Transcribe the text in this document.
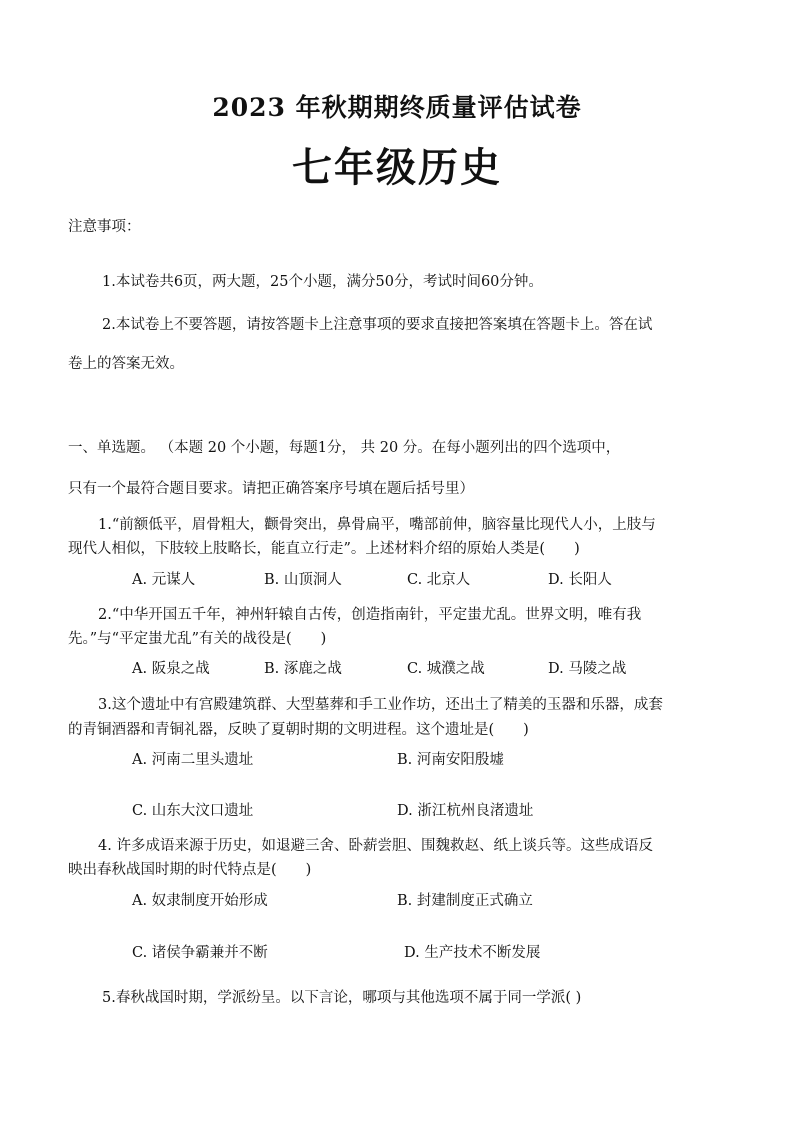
2023 年秋期期终质量评估试卷
七年级历史
注意事项：
1.本试卷共6页，两大题，25个小题，满分50分，考试时间60分钟。
2.本试卷上不要答题，请按答题卡上注意事项的要求直接把答案填在答题卡上。答在试
卷上的答案无效。
一、单选题。 （本题 20 个小题，每题1分， 共 20 分。在每小题列出的四个选项中，
只有一个最符合题目要求。请把正确答案序号填在题后括号里）
1.“前额低平，眉骨粗大，颧骨突出，鼻骨扁平，嘴部前伸，脑容量比现代人小，上肢与
现代人相似，下肢较上肢略长，能直立行走”。上述材料介绍的原始人类是(　　)
A. 元谋人	B. 山顶洞人	C. 北京人	D. 长阳人
2.“中华开国五千年，神州轩辕自古传，创造指南针，平定蚩尤乱。世界文明，唯有我
先。”与“平定蚩尤乱”有关的战役是(　　)
A. 阪泉之战	B. 涿鹿之战	C. 城濮之战	D. 马陵之战
3.这个遗址中有宫殿建筑群、大型墓葬和手工业作坊，还出土了精美的玉器和乐器，成套
的青铜酒器和青铜礼器，反映了夏朝时期的文明进程。这个遗址是(　　)
A. 河南二里头遗址	B. 河南安阳殷墟
C. 山东大汶口遗址	D. 浙江杭州良渚遗址
4. 许多成语来源于历史，如退避三舍、卧薪尝胆、围魏救赵、纸上谈兵等。这些成语反
映出春秋战国时期的时代特点是(　　)
A. 奴隶制度开始形成	B. 封建制度正式确立
C. 诸侯争霸兼并不断	D. 生产技术不断发展
5.春秋战国时期，学派纷呈。以下言论，哪项与其他选项不属于同一学派( )
